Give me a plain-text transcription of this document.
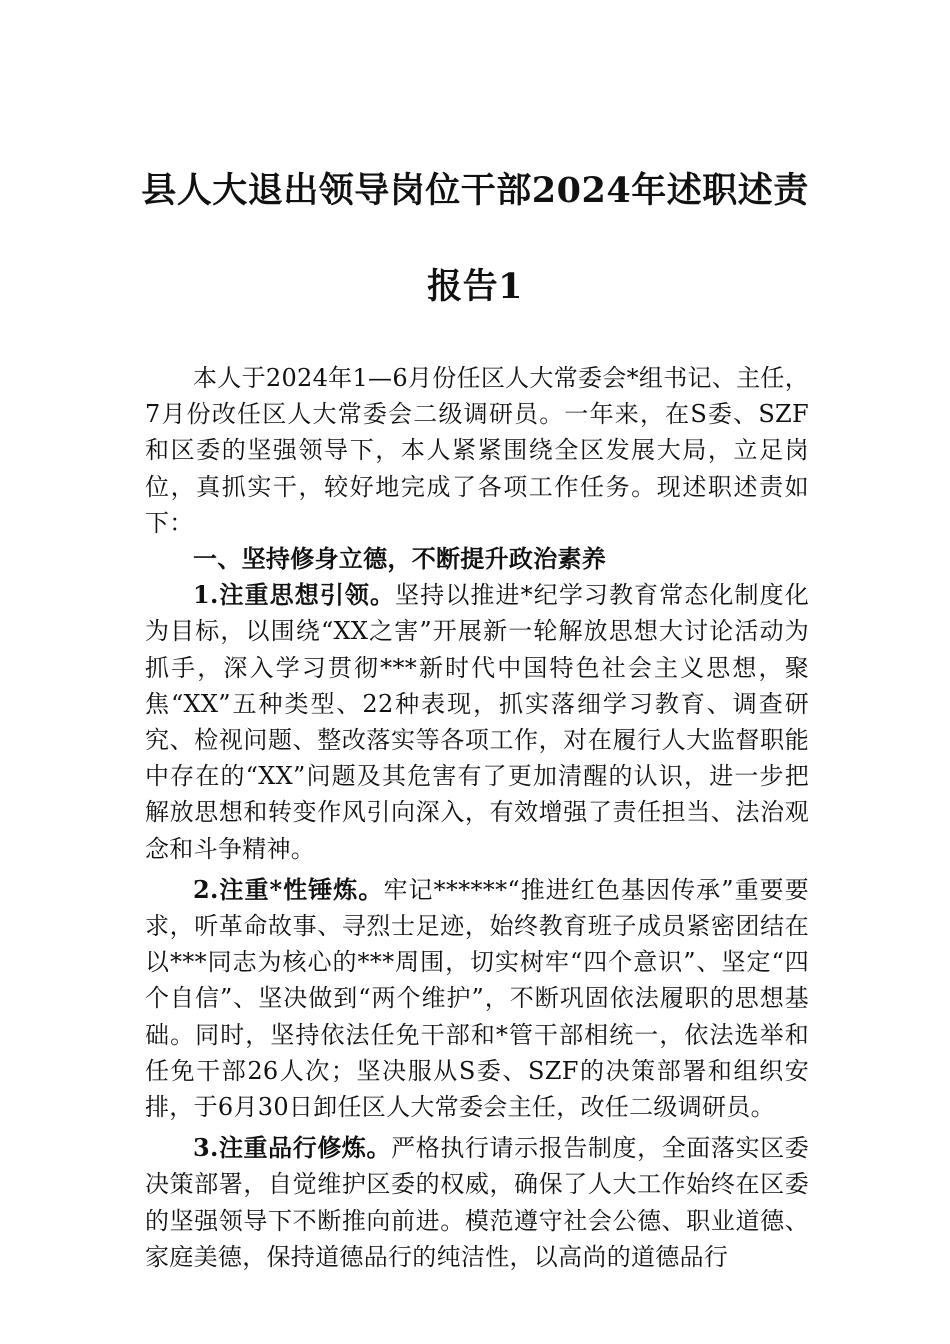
县人大退出领导岗位干部2024年述职述责
报告1

本人于2024年1—6月份任区人大常委会*组书记、主任，7月份改任区人大常委会二级调研员。一年来，在S委、SZF和区委的坚强领导下，本人紧紧围绕全区发展大局，立足岗位，真抓实干，较好地完成了各项工作任务。现述职述责如下：

一、坚持修身立德，不断提升政治素养

1.注重思想引领。坚持以推进*纪学习教育常态化制度化为目标，以围绕“XX之害”开展新一轮解放思想大讨论活动为抓手，深入学习贯彻***新时代中国特色社会主义思想，聚焦“XX”五种类型、22种表现，抓实落细学习教育、调查研究、检视问题、整改落实等各项工作，对在履行人大监督职能中存在的“XX”问题及其危害有了更加清醒的认识，进一步把解放思想和转变作风引向深入，有效增强了责任担当、法治观念和斗争精神。

2.注重*性锤炼。牢记******“推进红色基因传承”重要要求，听革命故事、寻烈士足迹，始终教育班子成员紧密团结在以***同志为核心的***周围，切实树牢“四个意识”、坚定“四个自信”、坚决做到“两个维护”，不断巩固依法履职的思想基础。同时，坚持依法任免干部和*管干部相统一，依法选举和任免干部26人次；坚决服从S委、SZF的决策部署和组织安排，于6月30日卸任区人大常委会主任，改任二级调研员。

3.注重品行修炼。严格执行请示报告制度，全面落实区委决策部署，自觉维护区委的权威，确保了人大工作始终在区委的坚强领导下不断推向前进。模范遵守社会公德、职业道德、家庭美德，保持道德品行的纯洁性，以高尚的道德品行
